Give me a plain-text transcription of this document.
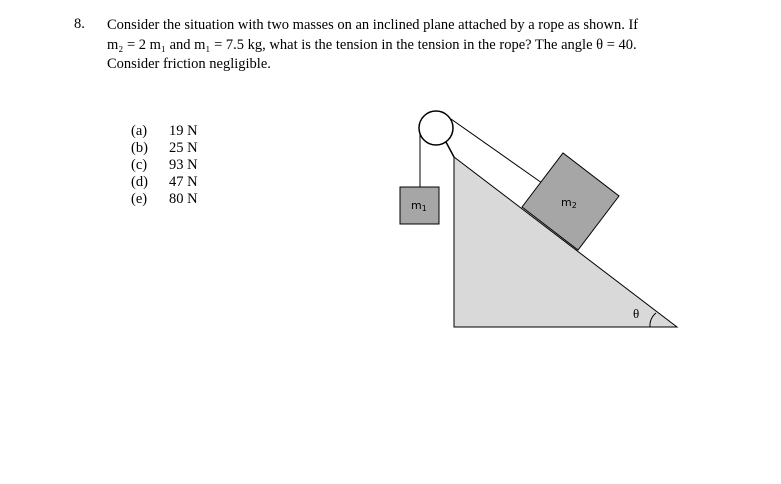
8. Consider the situation with two masses on an inclined plane attached by a rope as shown. If
m₂ = 2 m₁ and m₁ = 7.5 kg, what is the tension in the tension in the rope? The angle θ = 40.
Consider friction negligible.
(a) 19 N
(b) 25 N
(c) 93 N
(d) 47 N
(e) 80 N	m1	m2
θ
